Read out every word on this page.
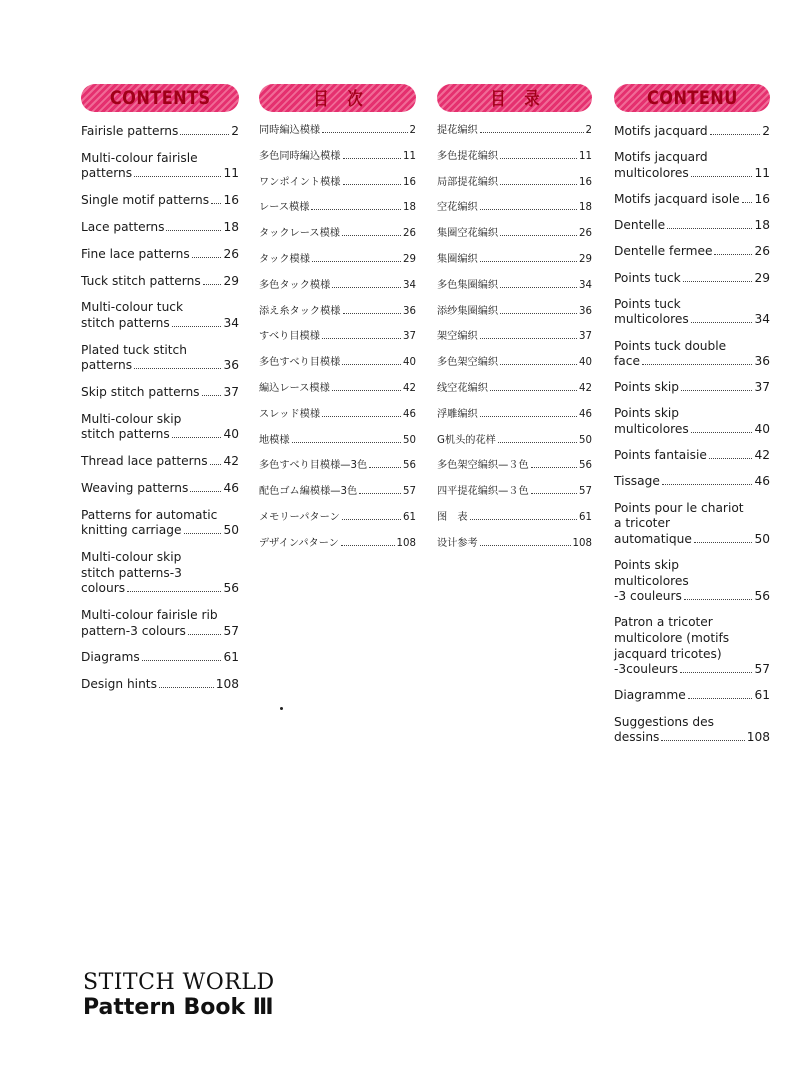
CONTENTS
Fairisle patterns	2
Multi-colour fairisle
patterns	11
Single motif patterns 16
Lace patterns	18
Fine lace patterns	26
Tuck stitch patterns 29
Multi-colour tuck
stitch patterns	34
Plated tuck stitch
patterns	36
Skip stitch patterns 37
Multi-colour skip
stitch patterns	40
Thread lace patterns 42
Weaving patterns	46
Patterns for automatic
knitting carriage	50
Multi-colour skip
stitch patterns-3
colours	56
Multi-colour fairisle rib
pattern-3 colours	57
Diagrams	61
Design hints	108
目次
同時編込模様	2
多色同時編込模様	11
ワンポイント模様	16
レース模様	18
タックレース模様	26
タック模様	29
多色タック模様	34
添え糸タック模様	36
すべり目模様	37
多色すべり目模様	40
編込レース模様	42
スレッド模様	46
地模様	50
多色すべり目模様—3色	56
配色ゴム編模様—3色	57
メモリーパターン	61
デザインパターン	108
目录
提花编织	2
多色提花编织	11
局部提花编织	16
空花编织	18
集圈空花编织	26
集圈编织	29
多色集圈编织	34
添纱集圈编织	36
架空编织	37
多色架空编织	40
线空花编织	42
浮雕编织	46
G机头的花样	50
多色架空编织—３色	56
四平提花编织—３色	57
图　表	61
设计参考	108
CONTENU
Motifs jacquard	2
Motifs jacquard
multicolores	11
Motifs jacquard isole 16
Dentelle	18
Dentelle fermee	26
Points tuck	29
Points tuck
multicolores	34
Points tuck double
face	36
Points skip	37
Points skip
multicolores	40
Points fantaisie	42
Tissage	46
Points pour le chariot
a tricoter
automatique	50
Points skip
multicolores
-3 couleurs	56
Patron a tricoter
multicolore (motifs
jacquard tricotes)
-3couleurs	57
Diagramme	61
Suggestions des
dessins	108
STITCH WORLD
Pattern Book Ⅲ
